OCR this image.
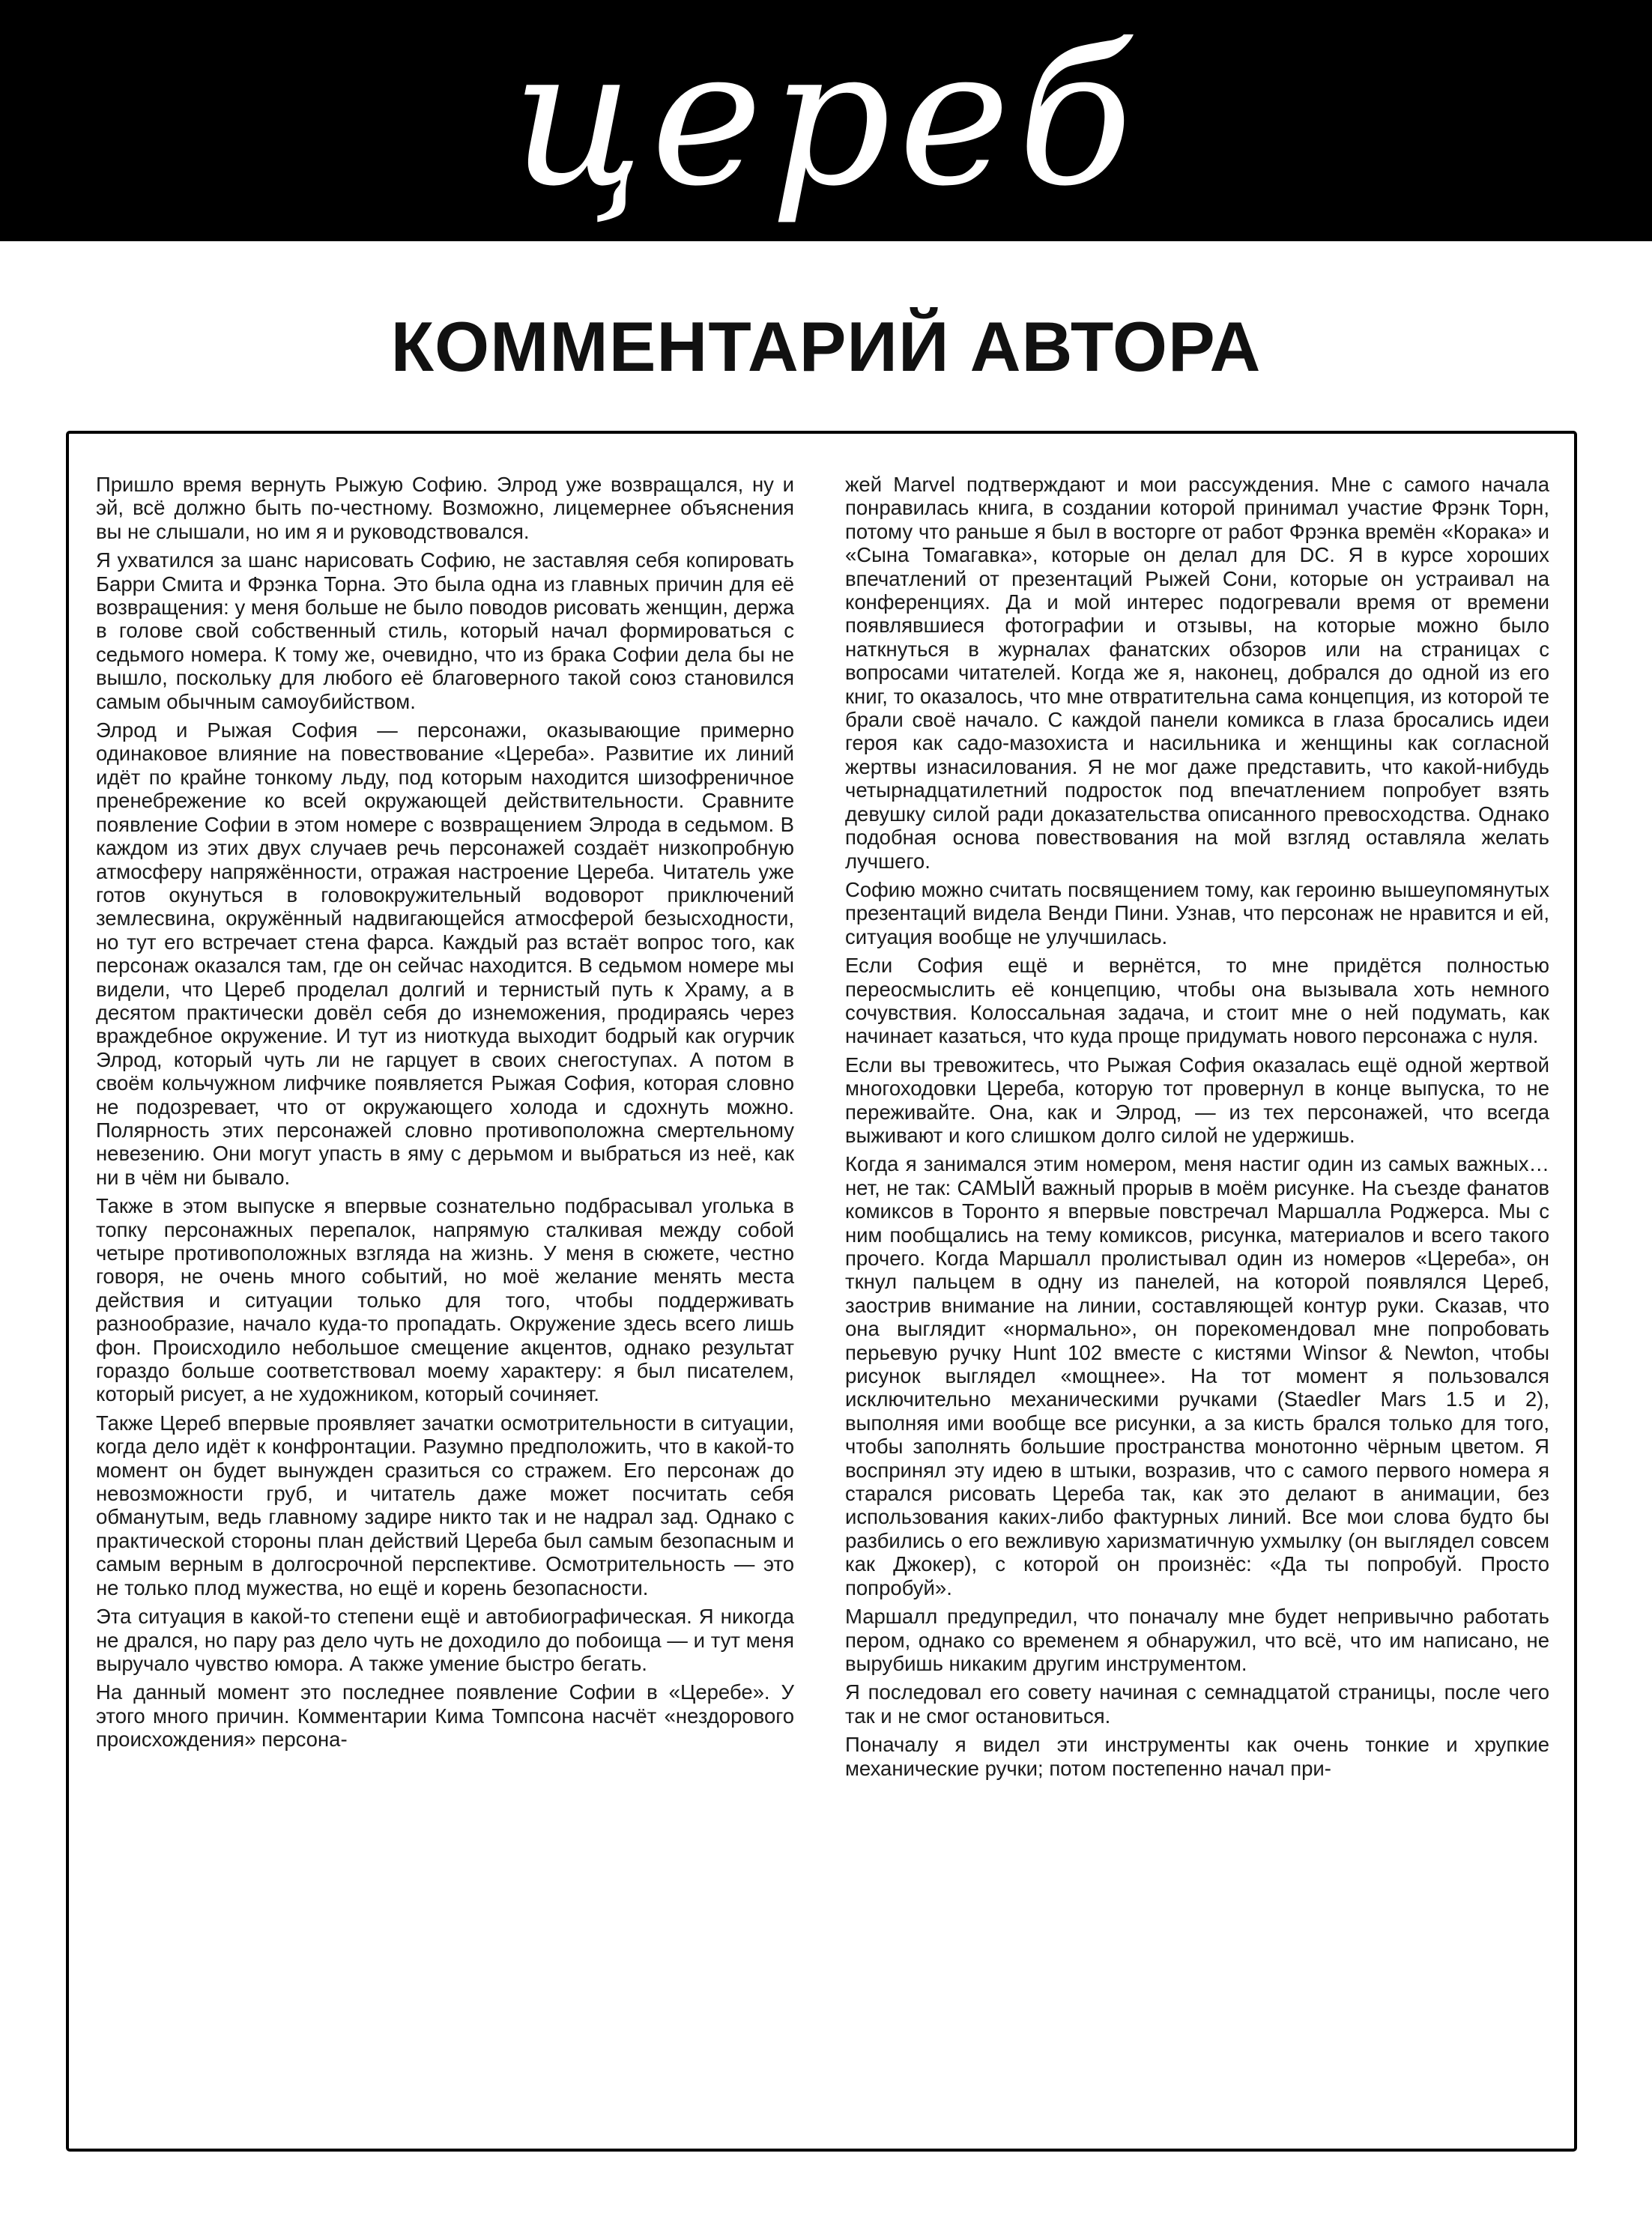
цереб
КОММЕНТАРИЙ АВТОРА

Пришло время вернуть Рыжую Софию. Элрод уже возвращался, ну и эй, всё должно быть по-честному. Возможно, лицемернее объяснения вы не слышали, но им я и руководствовался.

Я ухватился за шанс нарисовать Софию, не заставляя себя копировать Барри Смита и Фрэнка Торна. Это была одна из главных причин для её возвращения: у меня больше не было поводов рисовать женщин, держа в голове свой собственный стиль, который начал формироваться с седьмого номера. К тому же, очевидно, что из брака Софии дела бы не вышло, поскольку для любого её благоверного такой союз становился самым обычным самоубийством.

Элрод и Рыжая София — персонажи, оказывающие примерно одинаковое влияние на повествование «Цереба». Развитие их линий идёт по крайне тонкому льду, под которым находится шизофреничное пренебрежение ко всей окружающей действительности. Сравните появление Софии в этом номере с возвращением Элрода в седьмом. В каждом из этих двух случаев речь персонажей создаёт низкопробную атмосферу напряжённости, отражая настроение Цереба. Читатель уже готов окунуться в головокружительный водоворот приключений землесвина, окружённый надвигающейся атмосферой безысходности, но тут его встречает стена фарса. Каждый раз встаёт вопрос того, как персонаж оказался там, где он сейчас находится. В седьмом номере мы видели, что Цереб проделал долгий и тернистый путь к Храму, а в десятом практически довёл себя до изнеможения, продираясь через враждебное окружение. И тут из ниоткуда выходит бодрый как огурчик Элрод, который чуть ли не гарцует в своих снегоступах. А потом в своём кольчужном лифчике появляется Рыжая София, которая словно не подозревает, что от окружающего холода и сдохнуть можно. Полярность этих персонажей словно противоположна смертельному невезению. Они могут упасть в яму с дерьмом и выбраться из неё, как ни в чём ни бывало.

Также в этом выпуске я впервые сознательно подбрасывал уголька в топку персонажных перепалок, напрямую сталкивая между собой четыре противоположных взгляда на жизнь. У меня в сюжете, честно говоря, не очень много событий, но моё желание менять места действия и ситуации только для того, чтобы поддерживать разнообразие, начало куда-то пропадать. Окружение здесь всего лишь фон. Происходило небольшое смещение акцентов, однако результат гораздо больше соответствовал моему характеру: я был писателем, который рисует, а не художником, который сочиняет.

Также Цереб впервые проявляет зачатки осмотрительности в ситуации, когда дело идёт к конфронтации. Разумно предположить, что в какой-то момент он будет вынужден сразиться со стражем. Его персонаж до невозможности груб, и читатель даже может посчитать себя обманутым, ведь главному задире никто так и не надрал зад. Однако с практической стороны план действий Цереба был самым безопасным и самым верным в долгосрочной перспективе. Осмотрительность — это не только плод мужества, но ещё и корень безопасности.

Эта ситуация в какой-то степени ещё и автобиографическая. Я никогда не дрался, но пару раз дело чуть не доходило до побоища — и тут меня выручало чувство юмора. А также умение быстро бегать.

На данный момент это последнее появление Софии в «Церебе». У этого много причин. Комментарии Кима Томпсона насчёт «нездорового происхождения» персона-

жей Marvel подтверждают и мои рассуждения. Мне с самого начала понравилась книга, в создании которой принимал участие Фрэнк Торн, потому что раньше я был в восторге от работ Фрэнка времён «Корака» и «Сына Томагавка», которые он делал для DC. Я в курсе хороших впечатлений от презентаций Рыжей Сони, которые он устраивал на конференциях. Да и мой интерес подогревали время от времени появлявшиеся фотографии и отзывы, на которые можно было наткнуться в журналах фанатских обзоров или на страницах с вопросами читателей. Когда же я, наконец, добрался до одной из его книг, то оказалось, что мне отвратительна сама концепция, из которой те брали своё начало. С каждой панели комикса в глаза бросались идеи героя как садо-мазохиста и насильника и женщины как согласной жертвы изнасилования. Я не мог даже представить, что какой-нибудь четырнадцатилетний подросток под впечатлением попробует взять девушку силой ради доказательства описанного превосходства. Однако подобная основа повествования на мой взгляд оставляла желать лучшего.

Софию можно считать посвящением тому, как героиню вышеупомянутых презентаций видела Венди Пини. Узнав, что персонаж не нравится и ей, ситуация вообще не улучшилась.

Если София ещё и вернётся, то мне придётся полностью переосмыслить её концепцию, чтобы она вызывала хоть немного сочувствия. Колоссальная задача, и стоит мне о ней подумать, как начинает казаться, что куда проще придумать нового персонажа с нуля.

Если вы тревожитесь, что Рыжая София оказалась ещё одной жертвой многоходовки Цереба, которую тот провернул в конце выпуска, то не переживайте. Она, как и Элрод, — из тех персонажей, что всегда выживают и кого слишком долго силой не удержишь.

Когда я занимался этим номером, меня настиг один из самых важных… нет, не так: САМЫЙ важный прорыв в моём рисунке. На съезде фанатов комиксов в Торонто я впервые повстречал Маршалла Роджерса. Мы с ним пообщались на тему комиксов, рисунка, материалов и всего такого прочего. Когда Маршалл пролистывал один из номеров «Цереба», он ткнул пальцем в одну из панелей, на которой появлялся Цереб, заострив внимание на линии, составляющей контур руки. Сказав, что она выглядит «нормально», он порекомендовал мне попробовать перьевую ручку Hunt 102 вместе с кистями Winsor & Newton, чтобы рисунок выглядел «мощнее». На тот момент я пользовался исключительно механическими ручками (Staedler Mars 1.5 и 2), выполняя ими вообще все рисунки, а за кисть брался только для того, чтобы заполнять большие пространства монотонно чёрным цветом. Я воспринял эту идею в штыки, возразив, что с самого первого номера я старался рисовать Цереба так, как это делают в анимации, без использования каких-либо фактурных линий. Все мои слова будто бы разбились о его вежливую харизматичную ухмылку (он выглядел совсем как Джокер), с которой он произнёс: «Да ты попробуй. Просто попробуй».

Маршалл предупредил, что поначалу мне будет непривычно работать пером, однако со временем я обнаружил, что всё, что им написано, не вырубишь никаким другим инструментом.

Я последовал его совету начиная с семнадцатой страницы, после чего так и не смог остановиться.

Поначалу я видел эти инструменты как очень тонкие и хрупкие механические ручки; потом постепенно начал при-
